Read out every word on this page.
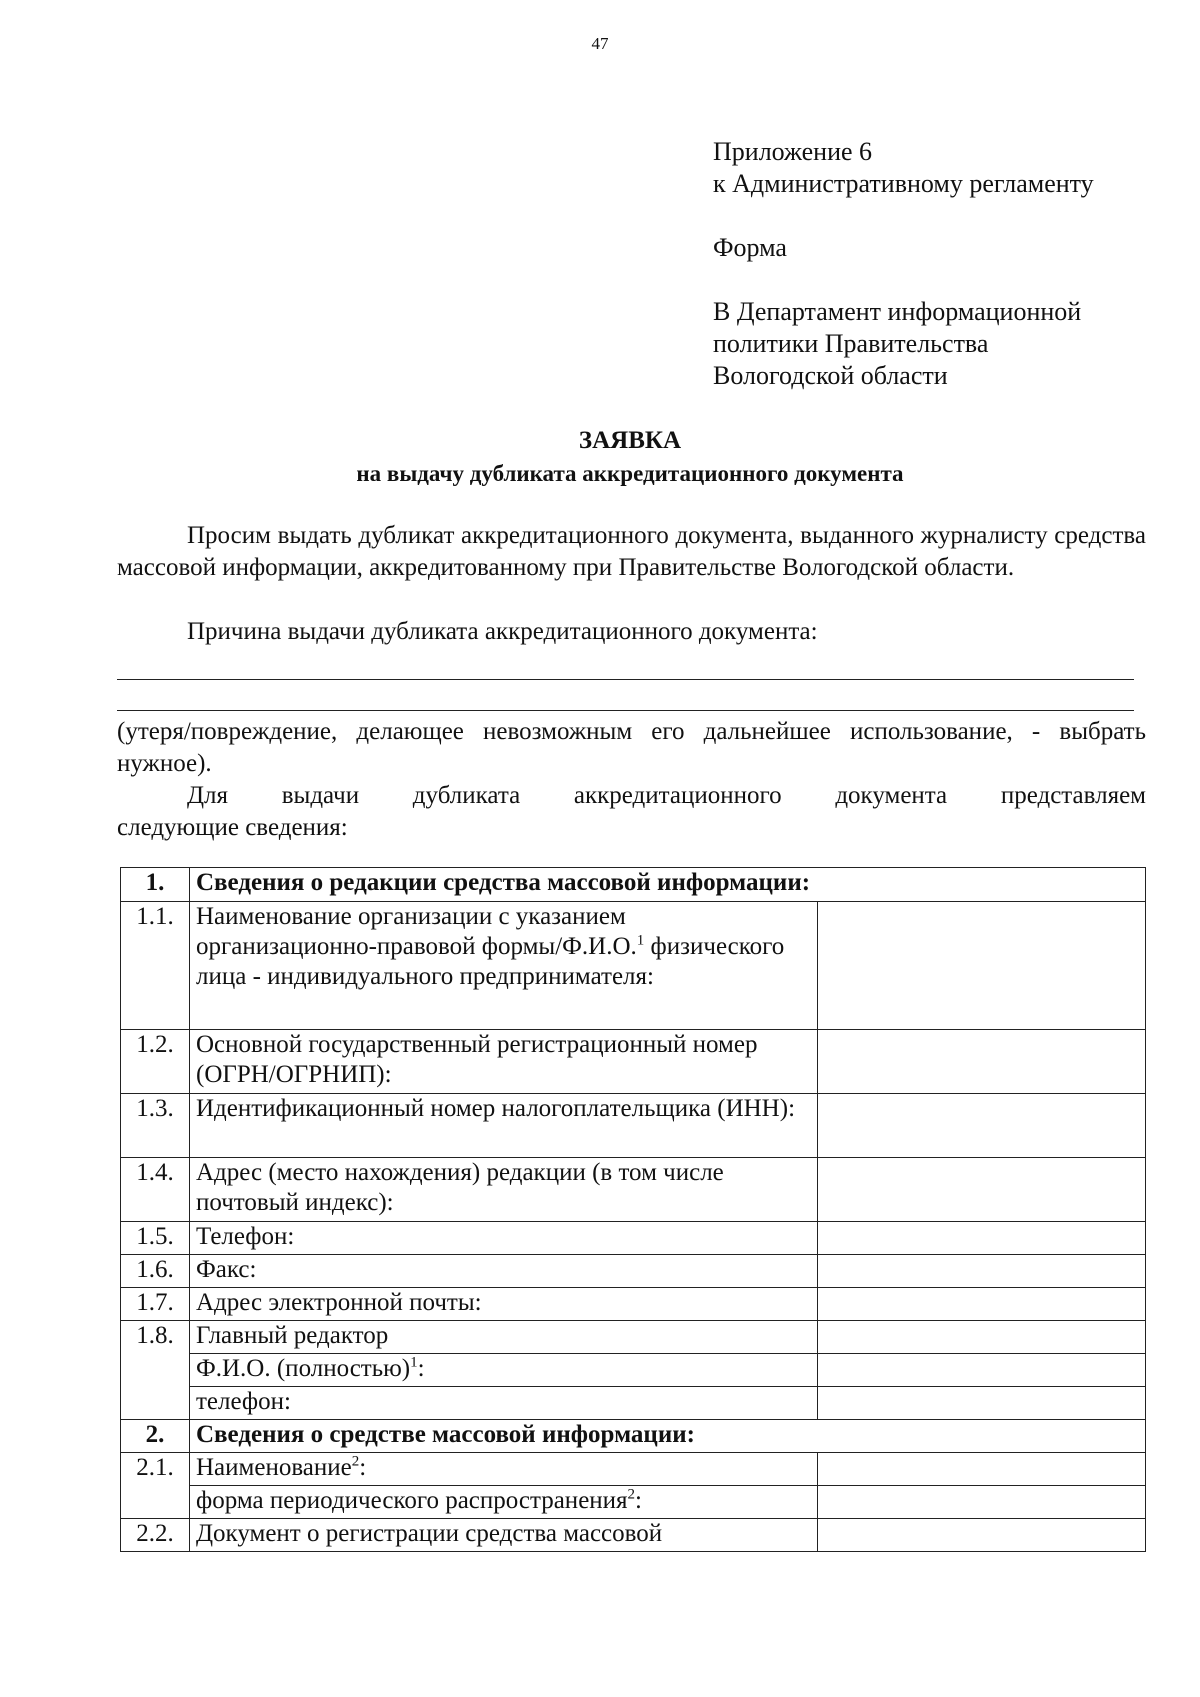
47
Приложение 6
к Административному регламенту
Форма
В Департамент информационной
политики Правительства
Вологодской области
ЗАЯВКА
на выдачу дубликата аккредитационного документа
Просим выдать дубликат аккредитационного документа, выданного журналисту средства массовой информации, аккредитованному при Правительстве Вологодской области.
Причина выдачи дубликата аккредитационного документа:
(утеря/повреждение, делающее невозможным его дальнейшее использование, - выбрать нужное).
Для выдачи дубликата аккредитационного документа представляем
следующие сведения:
1.	Сведения о редакции средства массовой информации:	
1.1.	Наименование организации с указанием организационно-правовой формы/Ф.И.О.$^1$ физического лица - индивидуального предпринимателя:	
1.2.	Основной государственный регистрационный номер (ОГРН/ОГРНИП):	
1.3.	Идентификационный номер налогоплательщика (ИНН):	
1.4.	Адрес (место нахождения) редакции (в том числе почтовый индекс):	
1.5.	Телефон:	
1.6.	Факс:	
1.7.	Адрес электронной почты:	
1.8.	Главный редактор	
	Ф.И.О. (полностью)$^1$:	
	телефон:	
2.	Сведения о средстве массовой информации:	
2.1.	Наименование$^2$:	
	форма периодического распространения$^2$:	
2.2.	Документ о регистрации средства массовой	
